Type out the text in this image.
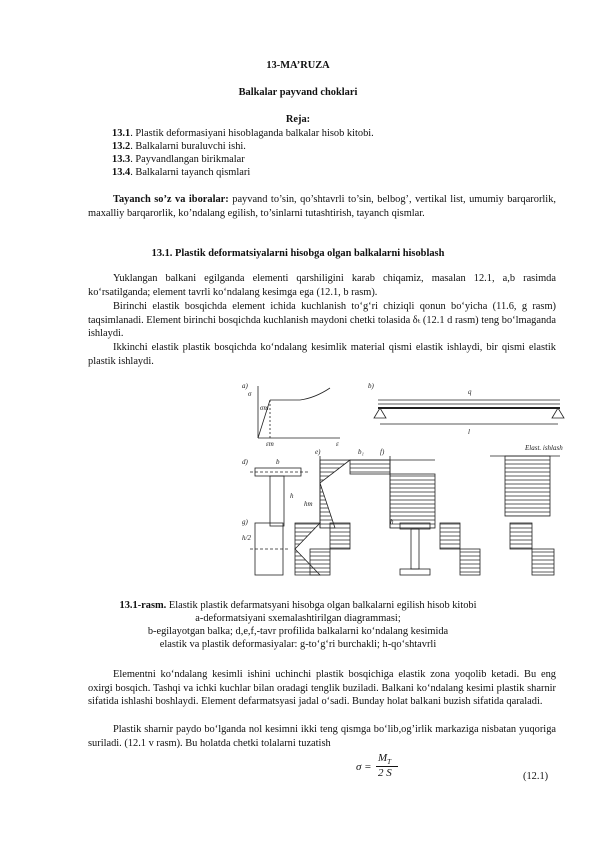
13-MA’RUZA
Balkalar payvand choklari
Reja:
13.1. Plastik deformasiyani hisoblaganda balkalar hisob kitobi.
13.2. Balkalarni buraluvchi ishi.
13.3. Payvandlangan birikmalar
13.4. Balkalarni tayanch qismlari
Tayanch so’z va iboralar: payvand to’sin, qo’shtavrli to’sin, belbog’, vertikal list, umumiy barqarorlik, maxalliy barqarorlik, ko’ndalang egilish, to’sinlarni tutashtirish, tayanch qismlar.
13.1. Plastik deformatsiyalarni hisobga olgan balkalarni hisoblash
Yuklangan balkani egilganda elementi qarshiligini karab chiqamiz, masalan 12.1, a,b rasimda ko‘rsatilganda; element tavrli ko‘ndalang kesimga ega (12.1, b rasm).
Birinchi elastik bosqichda element ichida kuchlanish to‘g‘ri chiziqli qonun bo‘yicha (11.6, g rasm) taqsimlanadi. Element birinchi bosqichda kuchlanish maydoni chetki tolasida δₜ (12.1 d rasm) teng bo‘lmaganda ishlaydi.
Ikkinchi elastik plastik bosqichda ko‘ndalang kesimlik material qismi elastik ishlaydi, bir qismi elastik plastik ishlaydi.
a)	b)
d)
e)	f)
g)	h
σ
σт
εт	ε
q
l
b
b₁
hт
h
h/2
Elast. ishlash
13.1-rasm. Elastik plastik defarmatsyani hisobga olgan balkalarni egilish hisob kitobi
a-deformatsiyani sxemalashtirilgan diagrammasi;
b-egilayotgan balka; d,e,f,-tavr profilida balkalarni ko‘ndalang kesimida
elastik va plastik deformasiyalar: g-to‘g‘ri burchakli; h-qo‘shtavrli
Elementni ko‘ndalang kesimli ishini uchinchi plastik bosqichiga elastik zona yoqolib ketadi. Bu eng oxirgi bosqich. Tashqi va ichki kuchlar bilan oradagi tenglik buziladi. Balkani ko‘ndalang kesimi plastik sharnir sifatida ishlashi boshlaydi. Element defarmatsyasi jadal o‘sadi. Bunday holat balkani buzish sifatida qaraladi.
Plastik sharnir paydo bo‘lganda nol kesimni ikki teng qismga bo‘lib,og’irlik markaziga nisbatan yuqoriga suriladi. (12.1 v rasm). Bu holatda chetki tolalarni tuzatish
σ =
$M_T$
2 S	(12.1)
